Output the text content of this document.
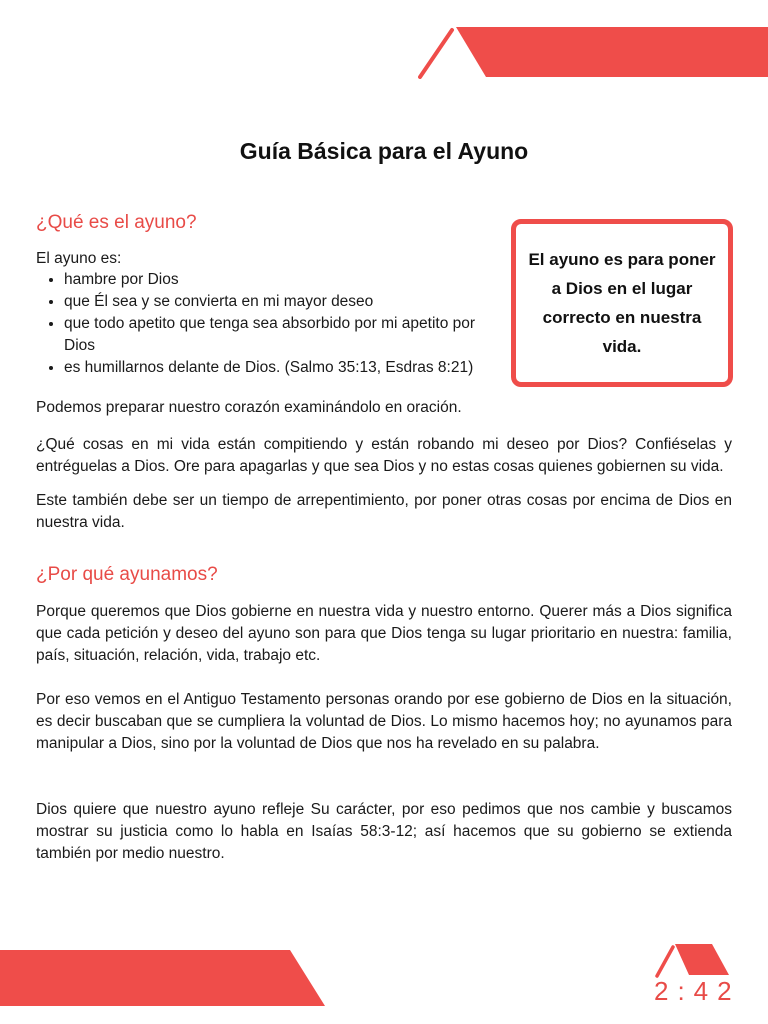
Guía Básica para el Ayuno
¿Qué es el ayuno?

El ayuno es:

• hambre por Dios
• que Él sea y se convierta en mi mayor deseo
• que todo apetito que tenga sea absorbido por mi apetito por Dios
• es humillarnos delante de Dios. (Salmo 35:13, Esdras 8:21)

Podemos preparar nuestro corazón examinándolo en oración.

¿Qué cosas en mi vida están compitiendo y están robando mi deseo por Dios? Confiéselas y entréguelas a Dios. Ore para apagarlas y que sea Dios y no estas cosas quienes gobiernen su vida.

Este también debe ser un tiempo de arrepentimiento, por poner otras cosas por encima de Dios en nuestra vida.

El ayuno es para poner a Dios en el lugar correcto en nuestra vida.
¿Por qué ayunamos?

Porque queremos que Dios gobierne en nuestra vida y nuestro entorno. Querer más a Dios significa que cada petición y deseo del ayuno son para que Dios tenga su lugar prioritario en nuestra: familia, país, situación, relación, vida, trabajo etc.

Por eso vemos en el Antiguo Testamento personas orando por ese gobierno de Dios en la situación, es decir buscaban que se cumpliera la voluntad de Dios. Lo mismo hacemos hoy; no ayunamos para manipular a Dios, sino por la voluntad de Dios que nos ha revelado en su palabra.

Dios quiere que nuestro ayuno refleje Su carácter, por eso pedimos que nos cambie y buscamos mostrar su justicia como lo habla en Isaías 58:3-12; así hacemos que su gobierno se extienda también por medio nuestro.

2:42
